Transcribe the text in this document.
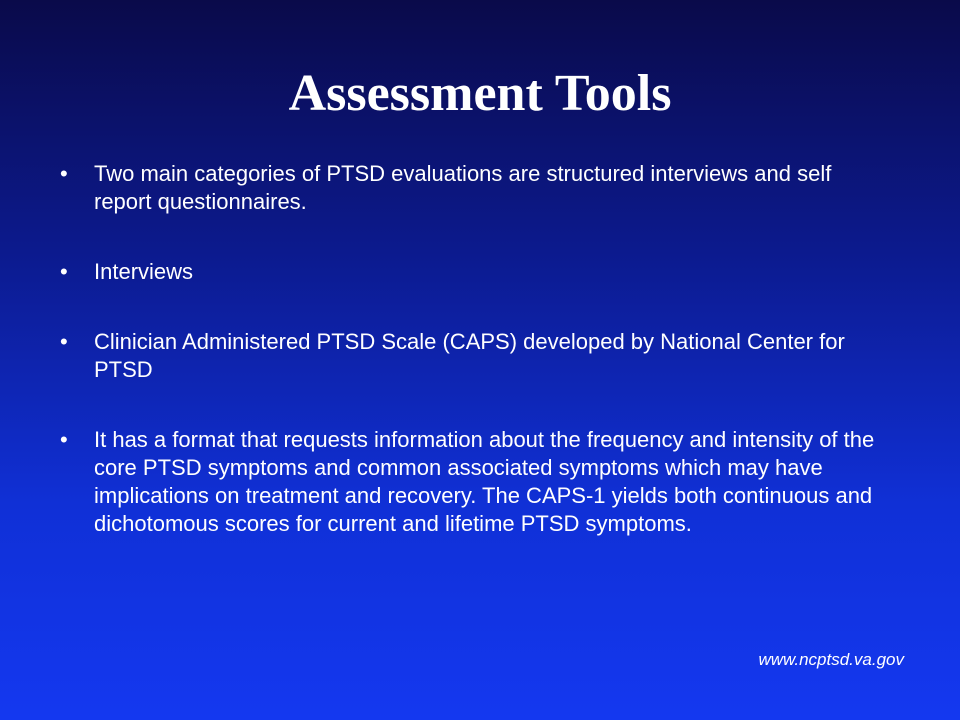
Assessment Tools
•	Two main categories of PTSD evaluations are structured interviews and self report questionnaires.
•	Interviews
•	Clinician Administered PTSD Scale (CAPS) developed by National Center for PTSD
•	It has a format that requests information about the frequency and intensity of the core PTSD symptoms and common associated symptoms which may have implications on treatment and recovery. The CAPS-1 yields both continuous and dichotomous scores for current and lifetime PTSD symptoms.
www.ncptsd.va.gov
